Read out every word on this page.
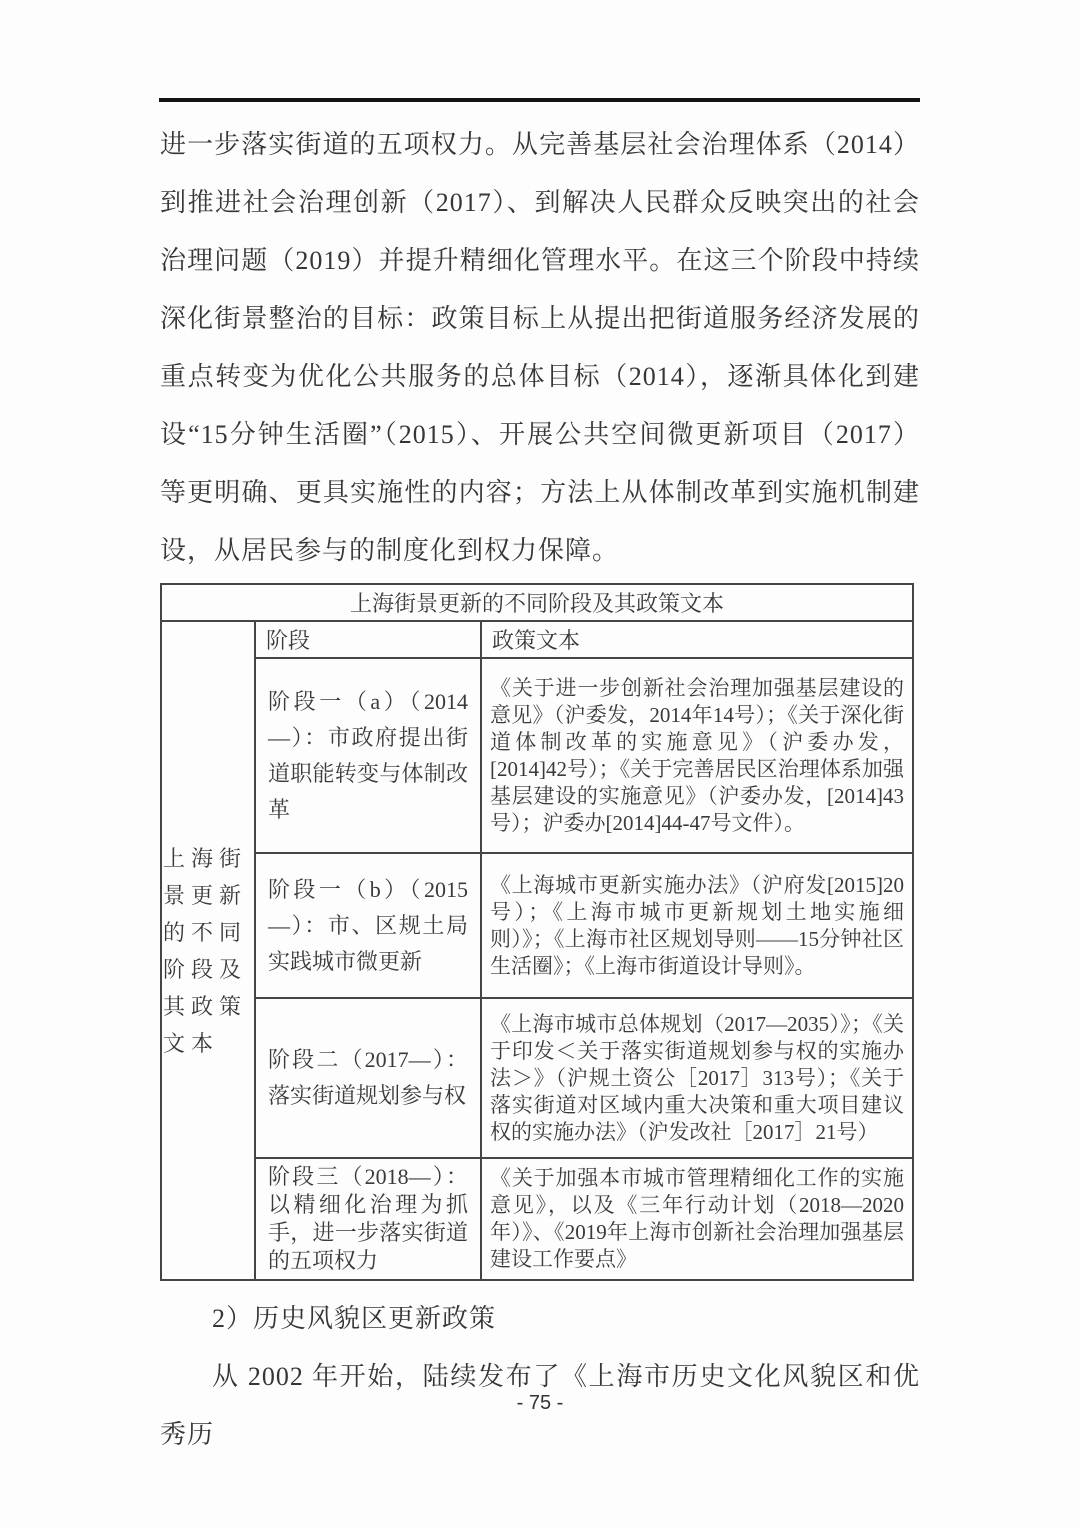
进一步落实街道的五项权力。从完善基层社会治理体系（2014）到推进社会治理创新（2017）、到解决人民群众反映突出的社会治理问题（2019）并提升精细化管理水平。在这三个阶段中持续深化街景整治的目标：政策目标上从提出把街道服务经济发展的重点转变为优化公共服务的总体目标（2014），逐渐具体化到建设“15分钟生活圈”（2015）、开展公共空间微更新项目（2017）等更明确、更具实施性的内容；方法上从体制改革到实施机制建设，从居民参与的制度化到权力保障。

上海街景更新的不同阶段及其政策文本		

上海街景更新的不同阶段及其政策文本	阶段	政策文本
	阶段一（a）（2014—）：市政府提出街道职能转变与体制改革	《关于进一步创新社会治理加强基层建设的意见》（沪委发，2014年14号）；《关于深化街道体制改革的实施意见》（沪委办发，[2014]42号）；《关于完善居民区治理体系加强基层建设的实施意见》（沪委办发，[2014]43号）；沪委办[2014]44-47号文件）。
	阶段一（b）（2015—）：市、区规土局实践城市微更新	《上海城市更新实施办法》（沪府发[2015]20号）；《上海市城市更新规划土地实施细则）》；《上海市社区规划导则——15分钟社区生活圈》；《上海市街道设计导则》。
	阶段二（2017—）：落实街道规划参与权	《上海市城市总体规划（2017—2035）》；《关于印发＜关于落实街道规划参与权的实施办法＞》（沪规土资公［2017］313号）；《关于落实街道对区域内重大决策和重大项目建议权的实施办法》（沪发改社［2017］21号）
	阶段三（2018—）：以精细化治理为抓手，进一步落实街道的五项权力	《关于加强本市城市管理精细化工作的实施意见》，以及《三年行动计划（2018—2020年）》、《2019年上海市创新社会治理加强基层建设工作要点》
2）历史风貌区更新政策

从 2002 年开始，陆续发布了《上海市历史文化风貌区和优秀历

- 75 -
